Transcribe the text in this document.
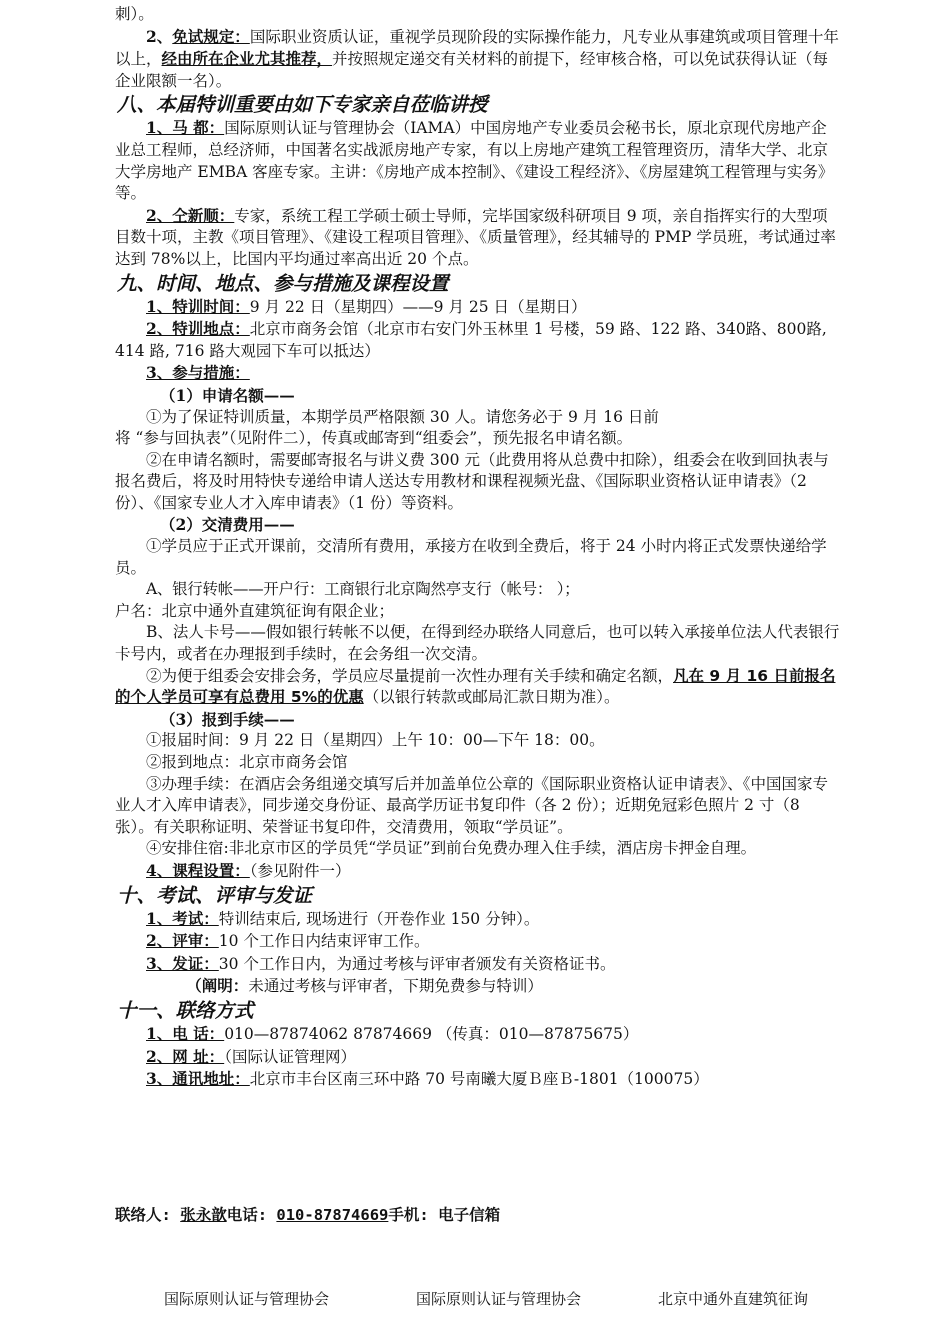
刺）。

2、免试规定：国际职业资质认证，重视学员现阶段的实际操作能力，凡专业从事建筑或项目管理十年以上，经由所在企业尤其推荐，并按照规定递交有关材料的前提下，经审核合格，可以免试获得认证（每企业限额一名）。

八、本届特训重要由如下专家亲自莅临讲授

1、马 都：国际原则认证与管理协会（IAMA）中国房地产专业委员会秘书长，原北京现代房地产企业总工程师，总经济师，中国著名实战派房地产专家，有以上房地产建筑工程管理资历，清华大学、北京大学房地产 EMBA 客座专家。主讲：《房地产成本控制》、《建设工程经济》、《房屋建筑工程管理与实务》等。

2、仝新顺：专家，系统工程工学硕士硕士导师，完毕国家级科研项目 9 项，亲自指挥实行的大型项目数十项，主教《项目管理》、《建设工程项目管理》、《质量管理》，经其辅导的 PMP 学员班，考试通过率达到 78%以上，比国内平均通过率高出近 20 个点。

九、时间、地点、参与措施及课程设置

1、特训时间：9 月 22 日（星期四）——9 月 25 日（星期日）

2、特训地点：北京市商务会馆（北京市右安门外玉林里 1 号楼，59 路、122 路、340路、800路, 414 路, 716 路大观园下车可以抵达）

3、参与措施：

（1）申请名额——

①为了保证特训质量，本期学员严格限额 30 人。请您务必于 9 月 16 日前

将 “参与回执表”（见附件二），传真或邮寄到“组委会”，预先报名申请名额。

②在申请名额时，需要邮寄报名与讲义费 300 元（此费用将从总费中扣除），组委会在收到回执表与报名费后，将及时用特快专递给申请人送达专用教材和课程视频光盘、《国际职业资格认证申请表》（2 份）、《国家专业人才入库申请表》（1 份）等资料。

（2）交清费用——

①学员应于正式开课前，交清所有费用，承接方在收到全费后，将于 24 小时内将正式发票快递给学员。

A、银行转帐——开户行：工商银行北京陶然亭支行（帐号： ）；

户名：北京中通外直建筑征询有限企业；

B、法人卡号——假如银行转帐不以便，在得到经办联络人同意后，也可以转入承接单位法人代表银行卡号内，或者在办理报到手续时，在会务组一次交清。

②为便于组委会安排会务，学员应尽量提前一次性办理有关手续和确定名额，凡在 9 月 16 日前报名的个人学员可享有总费用 5%的优惠（以银行转款或邮局汇款日期为准）。

（3）报到手续——

①报届时间：9 月 22 日（星期四）上午 10：00—下午 18：00。

②报到地点：北京市商务会馆

③办理手续：在酒店会务组递交填写后并加盖单位公章的《国际职业资格认证申请表》、《中国国家专业人才入库申请表》，同步递交身份证、最高学历证书复印件（各 2 份）；近期免冠彩色照片 2 寸（8 张）。有关职称证明、荣誉证书复印件，交清费用，领取“学员证”。

④安排住宿:非北京市区的学员凭“学员证”到前台免费办理入住手续，酒店房卡押金自理。

4、课程设置：（参见附件一）

十、考试、评审与发证

1、考试：特训结束后, 现场进行（开卷作业 150 分钟）。

2、评审：10 个工作日内结束评审工作。

3、发证：30 个工作日内，为通过考核与评审者颁发有关资格证书。

（阐明：未通过考核与评审者，下期免费参与特训）

十一、联络方式

1、电 话：010—87874062 87874669 （传真：010—87875675）

2、网 址：（国际认证管理网）

3、通讯地址：北京市丰台区南三环中路 70 号南曦大厦Ｂ座Ｂ-1801（100075）

联络人: 张永歆电话: 010-87874669手机: 电子信箱
国际原则认证与管理协会	国际原则认证与管理协会	北京中通外直建筑征询
